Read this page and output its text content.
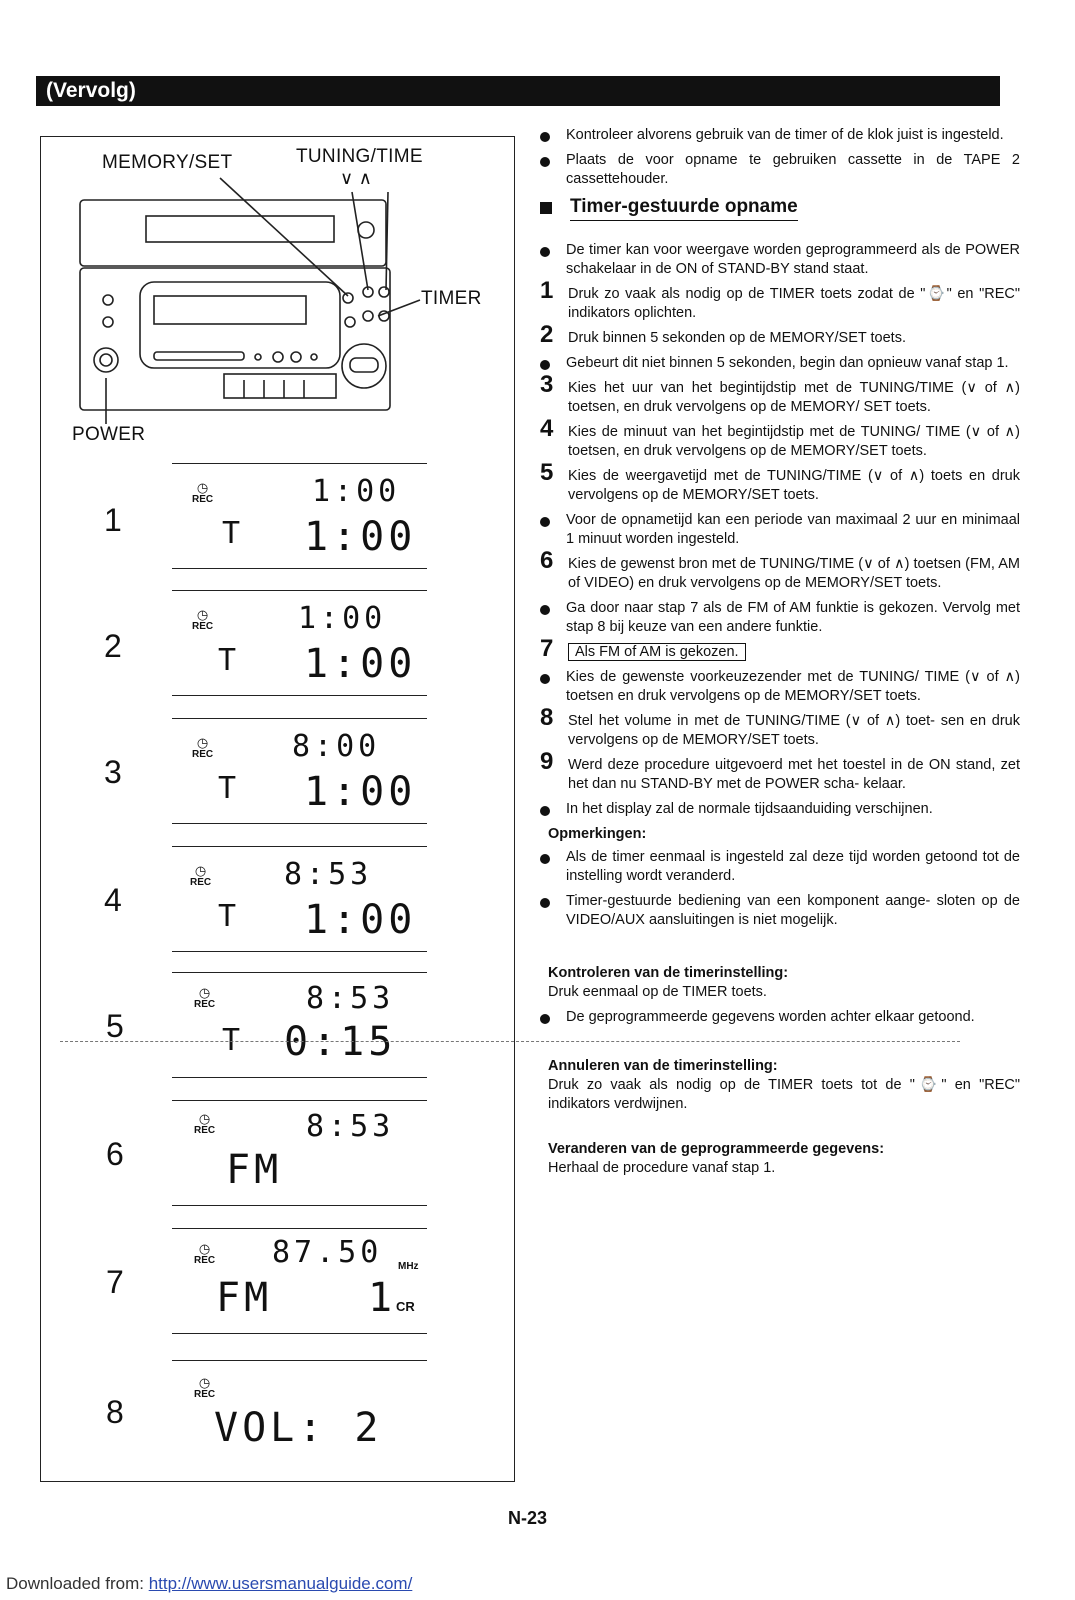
(Vervolg)
MEMORY/SET	TUNING/TIME
∨ ∧
TIMER
POWER
1
◷
REC	1:00
T 1:00
2
◷
REC	1:00
T 1:00
3
◷
REC	8:00
T 1:00
4
◷
REC 8:53
T 1:00
5
◷
REC	8:53
T 0:15
6
◷
REC	8:53
FM
7
◷
REC 87.50 MHz
FM 1 CR
8
◷
REC
VOL: 2
Kontroleer alvorens gebruik van de timer of de klok juist is ingesteld.
Plaats de voor opname te gebruiken cassette in de TAPE 2 cassettehouder.
Timer-gestuurde opname
De timer kan voor weergave worden geprogrammeerd als de POWER schakelaar in de ON of STAND-BY stand staat.
1 Druk zo vaak als nodig op de TIMER toets zodat de "⌚" en "REC" indikators oplichten.
2 Druk binnen 5 sekonden op de MEMORY/SET toets.
Gebeurt dit niet binnen 5 sekonden, begin dan opnieuw vanaf stap 1.
3 Kies het uur van het begintijdstip met de TUNING/TIME (∨ of ∧) toetsen, en druk vervolgens op de MEMORY/ SET toets.
4 Kies de minuut van het begintijdstip met de TUNING/ TIME (∨ of ∧) toetsen, en druk vervolgens op de MEMORY/SET toets.
5 Kies de weergavetijd met de TUNING/TIME (∨ of ∧) toets en druk vervolgens op de MEMORY/SET toets.
Voor de opnametijd kan een periode van maximaal 2 uur en minimaal 1 minuut worden ingesteld.
6 Kies de gewenst bron met de TUNING/TIME (∨ of ∧) toetsen (FM, AM of VIDEO) en druk vervolgens op de MEMORY/SET toets.
Ga door naar stap 7 als de FM of AM funktie is gekozen. Vervolg met stap 8 bij keuze van een andere funktie.
7	Als FM of AM is gekozen.
Kies de gewenste voorkeuzezender met de TUNING/ TIME (∨ of ∧) toetsen en druk vervolgens op de MEMORY/SET toets.
8 Stel het volume in met de TUNING/TIME (∨ of ∧) toet- sen en druk vervolgens op de MEMORY/SET toets.
9 Werd deze procedure uitgevoerd met het toestel in de ON stand, zet het dan nu STAND-BY met de POWER scha- kelaar.
In het display zal de normale tijdsaanduiding verschijnen.
Opmerkingen:
Als de timer eenmaal is ingesteld zal deze tijd worden getoond tot de instelling wordt veranderd.
Timer-gestuurde bediening van een komponent aange- sloten op de VIDEO/AUX aansluitingen is niet mogelijk.
Kontroleren van de timerinstelling:
Druk eenmaal op de TIMER toets.
De geprogrammeerde gegevens worden achter elkaar getoond.
Annuleren van de timerinstelling:
Druk zo vaak als nodig op de TIMER toets tot de "⌚" en "REC" indikators verdwijnen.
Veranderen van de geprogrammeerde gegevens:
Herhaal de procedure vanaf stap 1.
N-23
Downloaded from: http://www.usersmanualguide.com/
